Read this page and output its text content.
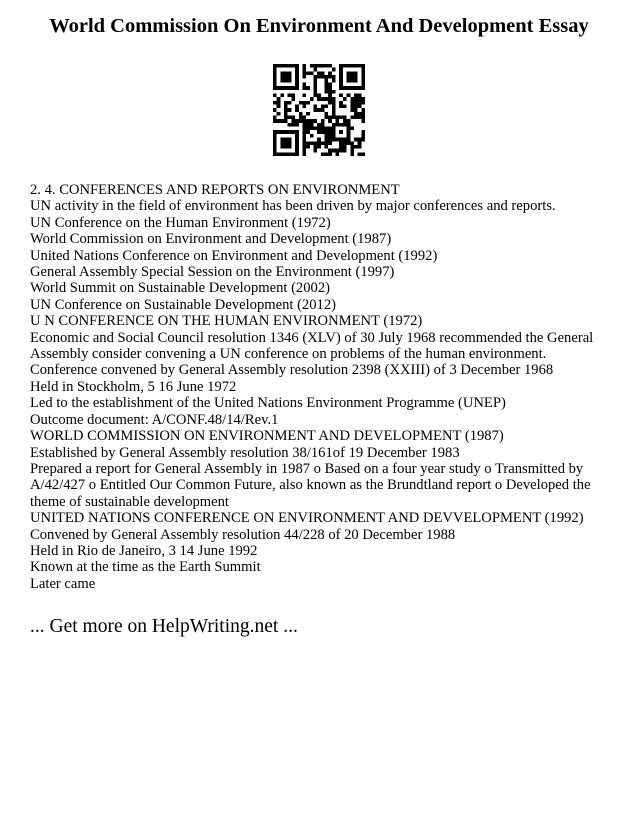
World Commission On Environment And Development Essay
2. 4. CONFERENCES AND REPORTS ON ENVIRONMENT
UN activity in the field of environment has been driven by major conferences and reports.
UN Conference on the Human Environment (1972)
World Commission on Environment and Development (1987)
United Nations Conference on Environment and Development (1992)
General Assembly Special Session on the Environment (1997)
World Summit on Sustainable Development (2002)
UN Conference on Sustainable Development (2012)
U N CONFERENCE ON THE HUMAN ENVIRONMENT (1972)
Economic and Social Council resolution 1346 (XLV) of 30 July 1968 recommended the General Assembly consider convening a UN conference on problems of the human environment.
Conference convened by General Assembly resolution 2398 (XXIII) of 3 December 1968
Held in Stockholm, 5 16 June 1972
Led to the establishment of the United Nations Environment Programme (UNEP)
Outcome document: A/CONF.48/14/Rev.1
WORLD COMMISSION ON ENVIRONMENT AND DEVELOPMENT (1987)
Established by General Assembly resolution 38/161of 19 December 1983
Prepared a report for General Assembly in 1987 o Based on a four year study o Transmitted by A/42/427 o Entitled Our Common Future, also known as the Brundtland report o Developed the theme of sustainable development
UNITED NATIONS CONFERENCE ON ENVIRONMENT AND DEVVELOPMENT (1992)
Convened by General Assembly resolution 44/228 of 20 December 1988
Held in Rio de Janeiro, 3 14 June 1992
Known at the time as the Earth Summit
Later came
... Get more on HelpWriting.net ...
